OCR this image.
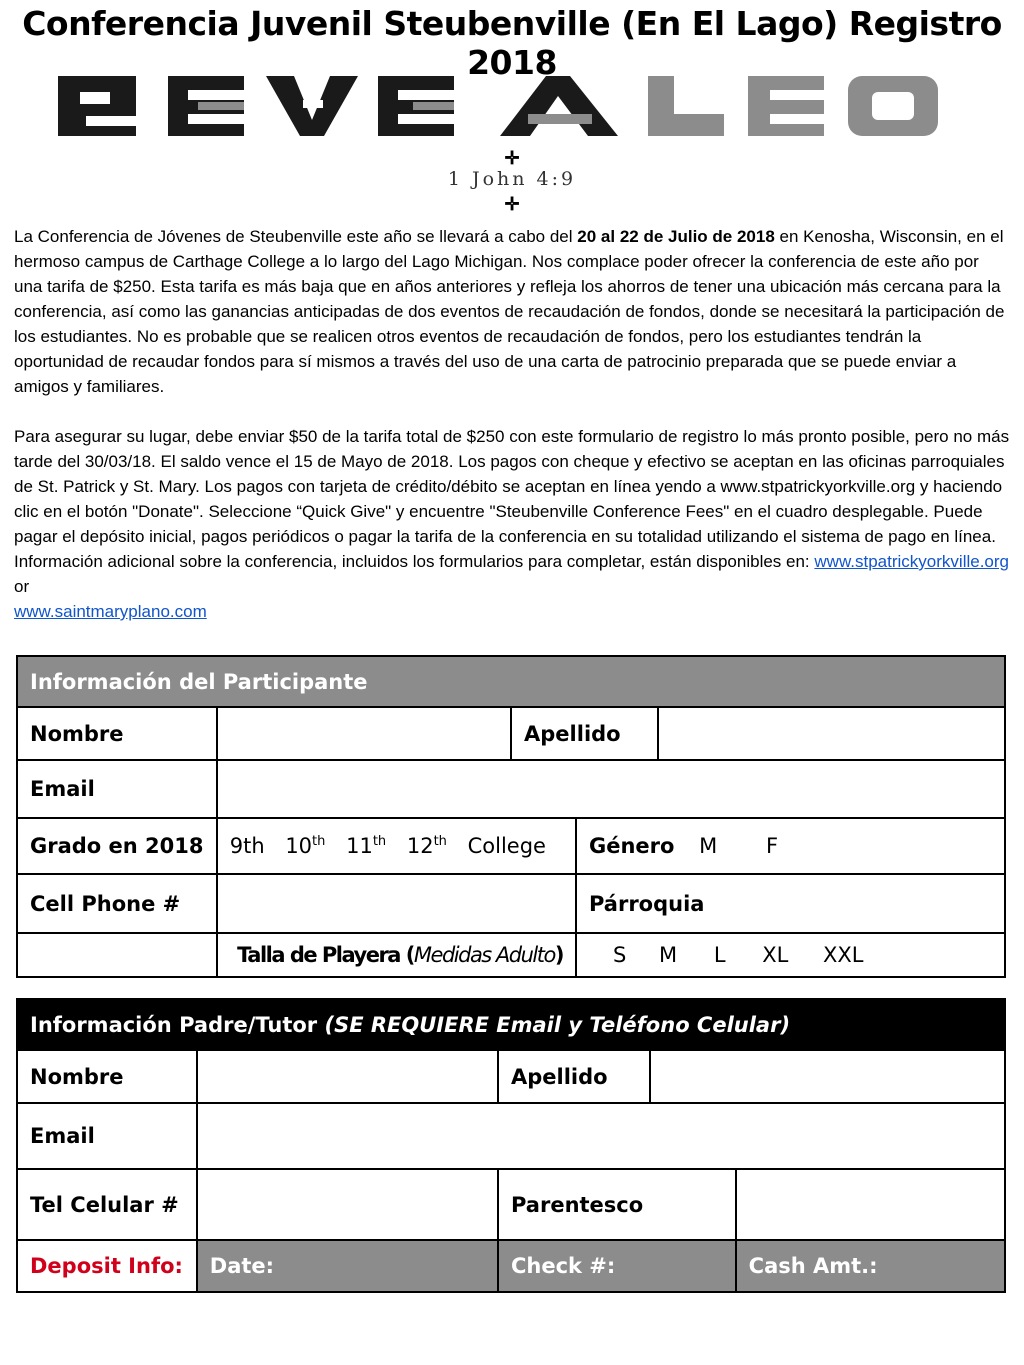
Conferencia Juvenil Steubenville (En El Lago) Registro 2018
✛
1 John 4:9
✛
La Conferencia de Jóvenes de Steubenville este año se llevará a cabo del 20 al 22 de Julio de 2018 en Kenosha, Wisconsin, en el hermoso campus de Carthage College a lo largo del Lago Michigan. Nos complace poder ofrecer la conferencia de este año por una tarifa de $250. Esta tarifa es más baja que en años anteriores y refleja los ahorros de tener una ubicación más cercana para la conferencia, así como las ganancias anticipadas de dos eventos de recaudación de fondos, donde se necesitará la participación de los estudiantes. No es probable que se realicen otros eventos de recaudación de fondos, pero los estudiantes tendrán la oportunidad de recaudar fondos para sí mismos a través del uso de una carta de patrocinio preparada que se puede enviar a amigos y familiares.
Para asegurar su lugar, debe enviar $50 de la tarifa total de $250 con este formulario de registro lo más pronto posible, pero no más tarde del 30/03/18. El saldo vence el 15 de Mayo de 2018. Los pagos con cheque y efectivo se aceptan en las oficinas parroquiales de St. Patrick y St. Mary. Los pagos con tarjeta de crédito/débito se aceptan en línea yendo a www.stpatrickyorkville.org y haciendo clic en el botón "Donate". Seleccione “Quick Give" y encuentre "Steubenville Conference Fees" en el cuadro desplegable. Puede pagar el depósito inicial, pagos periódicos o pagar la tarifa de la conferencia en su totalidad utilizando el sistema de pago en línea. Información adicional sobre la conferencia, incluidos los formularios para completar, están disponibles en: www.stpatrickyorkville.org or
www.saintmaryplano.com
Información del Participante				
Nombre		Apellido		
Email				
Grado en 2018	9th 10th 11th 12th College		Género M F	
Cell Phone #			Párroquia	
	Talla de Playera (Medidas Adulto)		S M L XL XXL	
Información Padre/Tutor (SE REQUIERE Email y Teléfono Celular)				
Nombre		Apellido		
Email				
Tel Celular #		Parentesco		
Deposit Info:	Date:	Check #:		Cash Amt.:
